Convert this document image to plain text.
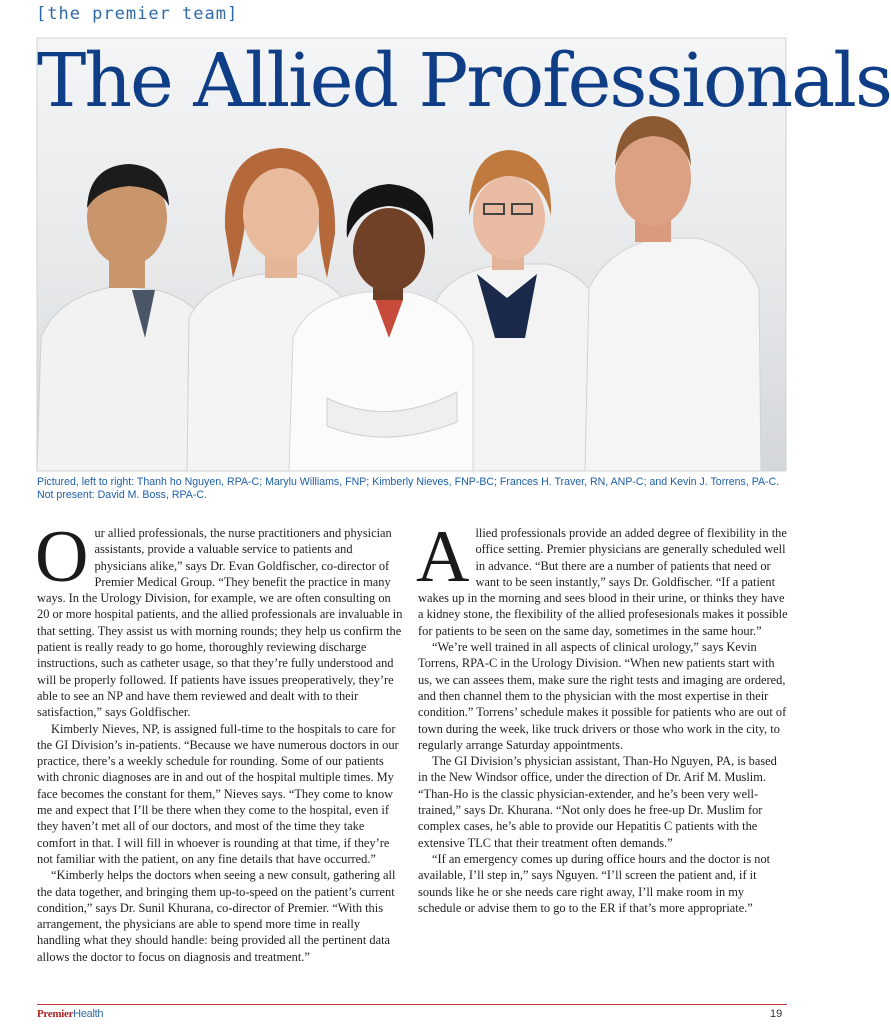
[the premier team]
The Allied Professionals
Pictured, left to right: Thanh ho Nguyen, RPA-C; Marylu Williams, FNP; Kimberly Nieves, FNP-BC; Frances H. Traver, RN, ANP-C; and Kevin J. Torrens, PA-C.
Not present: David M. Boss, RPA-C.

Our allied professionals, the nurse practitioners and physician assistants, provide a valuable service to patients and physicians alike,” says Dr. Evan Goldfischer, co-director of Premier Medical Group. “They benefit the practice in many ways. In the Urology Division, for example, we are often consulting on 20 or more hospital patients, and the allied professionals are invaluable in that setting. They assist us with morning rounds; they help us confirm the patient is really ready to go home, thoroughly reviewing discharge instructions, such as catheter usage, so that they’re fully understood and will be properly followed. If patients have issues preoperatively, they’re able to see an NP and have them reviewed and dealt with to their satisfaction,” says Goldfischer.

Kimberly Nieves, NP, is assigned full-time to the hospitals to care for the GI Division’s in-patients. “Because we have numerous doctors in our practice, there’s a weekly schedule for rounding. Some of our patients with chronic diagnoses are in and out of the hospital multiple times. My face becomes the constant for them,” Nieves says. “They come to know me and expect that I’ll be there when they come to the hospital, even if they haven’t met all of our doctors, and most of the time they take comfort in that. I will fill in whoever is rounding at that time, if they’re not familiar with the patient, on any fine details that have occurred.”

“Kimberly helps the doctors when seeing a new consult, gathering all the data together, and bringing them up-to-speed on the patient’s current condition,” says Dr. Sunil Khurana, co-director of Premier. “With this arrangement, the physicians are able to spend more time in really handling what they should handle: being provided all the pertinent data allows the doctor to focus on diagnosis and treatment.”

Allied professionals provide an added degree of flexibility in the office setting. Premier physicians are generally scheduled well in advance. “But there are a number of patients that need or want to be seen instantly,” says Dr. Goldfischer. “If a patient wakes up in the morning and sees blood in their urine, or thinks they have a kidney stone, the flexibility of the allied profesesionals makes it possible for patients to be seen on the same day, sometimes in the same hour.”

“We’re well trained in all aspects of clinical urology,” says Kevin Torrens, RPA-C in the Urology Division. “When new patients start with us, we can assees them, make sure the right tests and imaging are ordered, and then channel them to the physician with the most expertise in their condition.” Torrens’ schedule makes it possible for patients who are out of town during the week, like truck drivers or those who work in the city, to regularly arrange Saturday appointments.

The GI Division’s physician assistant, Than-Ho Nguyen, PA, is based in the New Windsor office, under the direction of Dr. Arif M. Muslim. “Than-Ho is the classic physician-extender, and he’s been very well-trained,” says Dr. Khurana. “Not only does he free-up Dr. Muslim for complex cases, he’s able to provide our Hepatitis C patients with the extensive TLC that their treatment often demands.”

“If an emergency comes up during office hours and the doctor is not available, I’ll step in,” says Nguyen. “I’ll screen the patient and, if it sounds like he or she needs care right away, I’ll make room in my schedule or advise them to go to the ER if that’s more appropriate.”

PremierHealth	19
